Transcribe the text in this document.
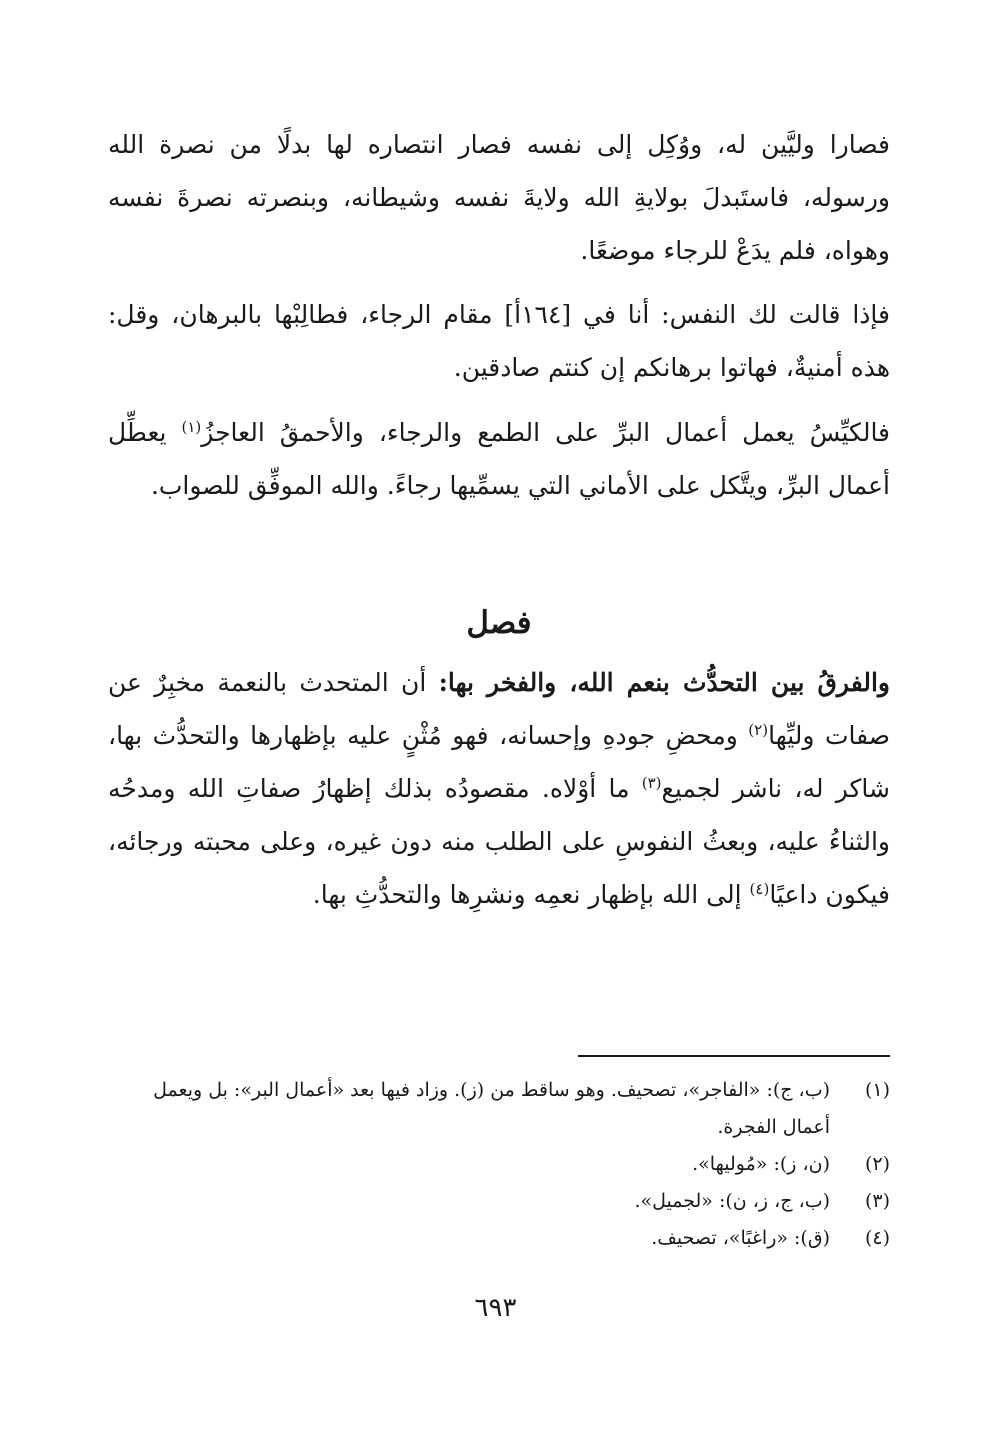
فصارا وليَّين له، ووُكِل إلى نفسه فصار انتصاره لها بدلًا من نصرة الله ورسوله، فاستَبدلَ بولايةِ الله ولايةَ نفسه وشيطانه، وبنصرته نصرةَ نفسه وهواه، فلم يدَعْ للرجاء موضعًا.

فإذا قالت لك النفس: أنا في [١٦٤أ] مقام الرجاء، فطالِبْها بالبرهان، وقل: هذه أمنيةٌ، فهاتوا برهانكم إن كنتم صادقين.

فالكيِّسُ يعمل أعمال البرِّ على الطمع والرجاء، والأحمقُ العاجزُ$^{(١)}$ يعطِّل أعمال البرِّ، ويتَّكل على الأماني التي يسمِّيها رجاءً. والله الموفِّق للصواب.

فصل

والفرقُ بين التحدُّث بنعم الله، والفخر بها: أن المتحدث بالنعمة مخبِرٌ عن صفات وليِّها$^{(٢)}$ ومحضِ جودهِ وإحسانه، فهو مُثْنٍ عليه بإظهارها والتحدُّث بها، شاكر له، ناشر لجميع$^{(٣)}$ ما أوْلاه. مقصودُه بذلك إظهارُ صفاتِ الله ومدحُه والثناءُ عليه، وبعثُ النفوسِ على الطلب منه دون غيره، وعلى محبته ورجائه، فيكون داعيًا$^{(٤)}$ إلى الله بإظهار نعمِه ونشرِها والتحدُّثِ بها.

(١)
(ب، ج): «الفاجر»، تصحيف. وهو ساقط من (ز). وزاد فيها بعد «أعمال البر»: بل ويعمل أعمال الفجرة.
(٢)
(ن، ز): «مُوليها».
(٣)
(ب، ج، ز، ن): «لجميل».
(٤)
(ق): «راغبًا»، تصحيف.

٦٩٣
